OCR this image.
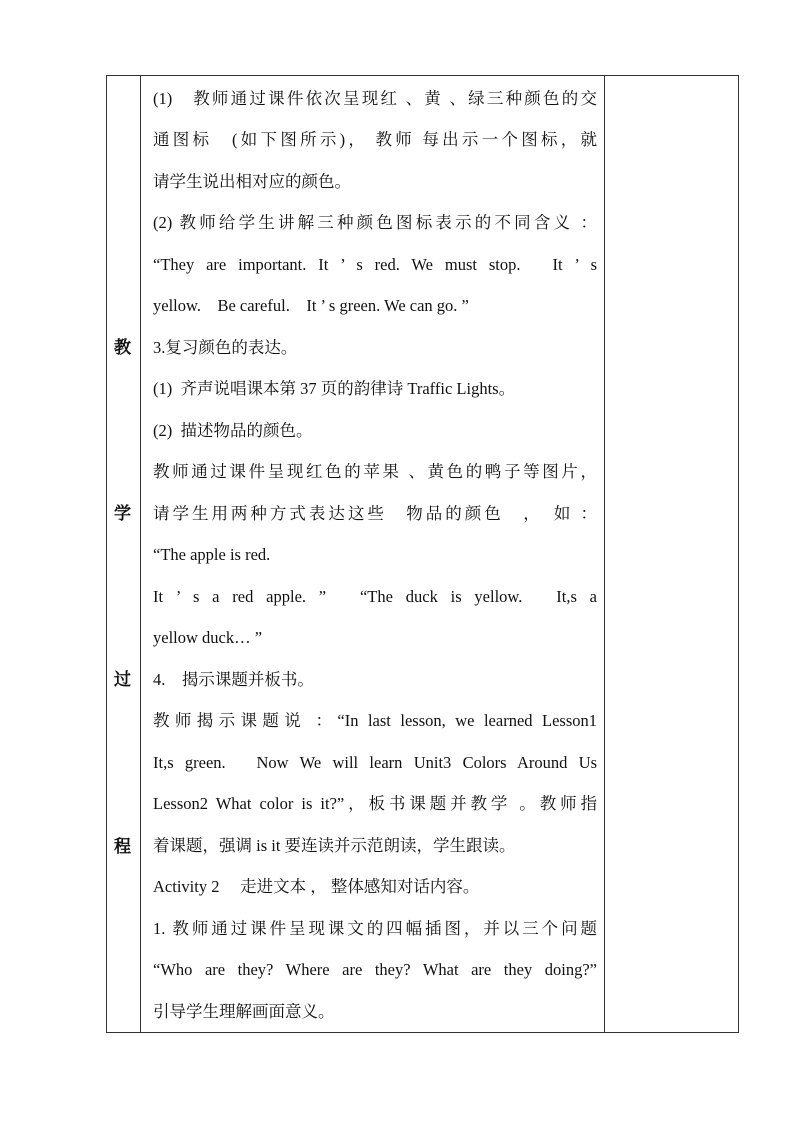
教
学
过
程
(1)　教师通过课件依次呈现红 、黄 、绿三种颜色的交
通图标　(如下图所示)， 教师 每出示一个图标，就
请学生说出相对应的颜色。
(2) 教师给学生讲解三种颜色图标表示的不同含义 ：
“They are important. It ’ s red. We must stop.　It ’ s
yellow.　Be careful.　It ’ s green. We can go. ”
3.复习颜色的表达。
(1)  齐声说唱课本第 37 页的韵律诗 Traffic Lights。
(2)  描述物品的颜色。
教师通过课件呈现红色的苹果 、黄色的鸭子等图片，
请学生用两种方式表达这些　物品的颜色　，　如 ：
“The apple is red.
It ’ s a red apple. ”　“The duck is yellow.　It,s a
yellow duck… ”
4.　揭示课题并板书。
教师揭示课题说 ：“In last lesson, we learned Lesson1
It,s green.　Now We will learn Unit3 Colors Around Us
Lesson2 What color is it?”，板书课题并教学 。教师指
着课题，强调 is it 要连读并示范朗读，学生跟读。
Activity 2　 走进文本 ， 整体感知对话内容。
1. 教师通过课件呈现课文的四幅插图，并以三个问题
“Who are they? Where are they? What are they doing?”
引导学生理解画面意义。
